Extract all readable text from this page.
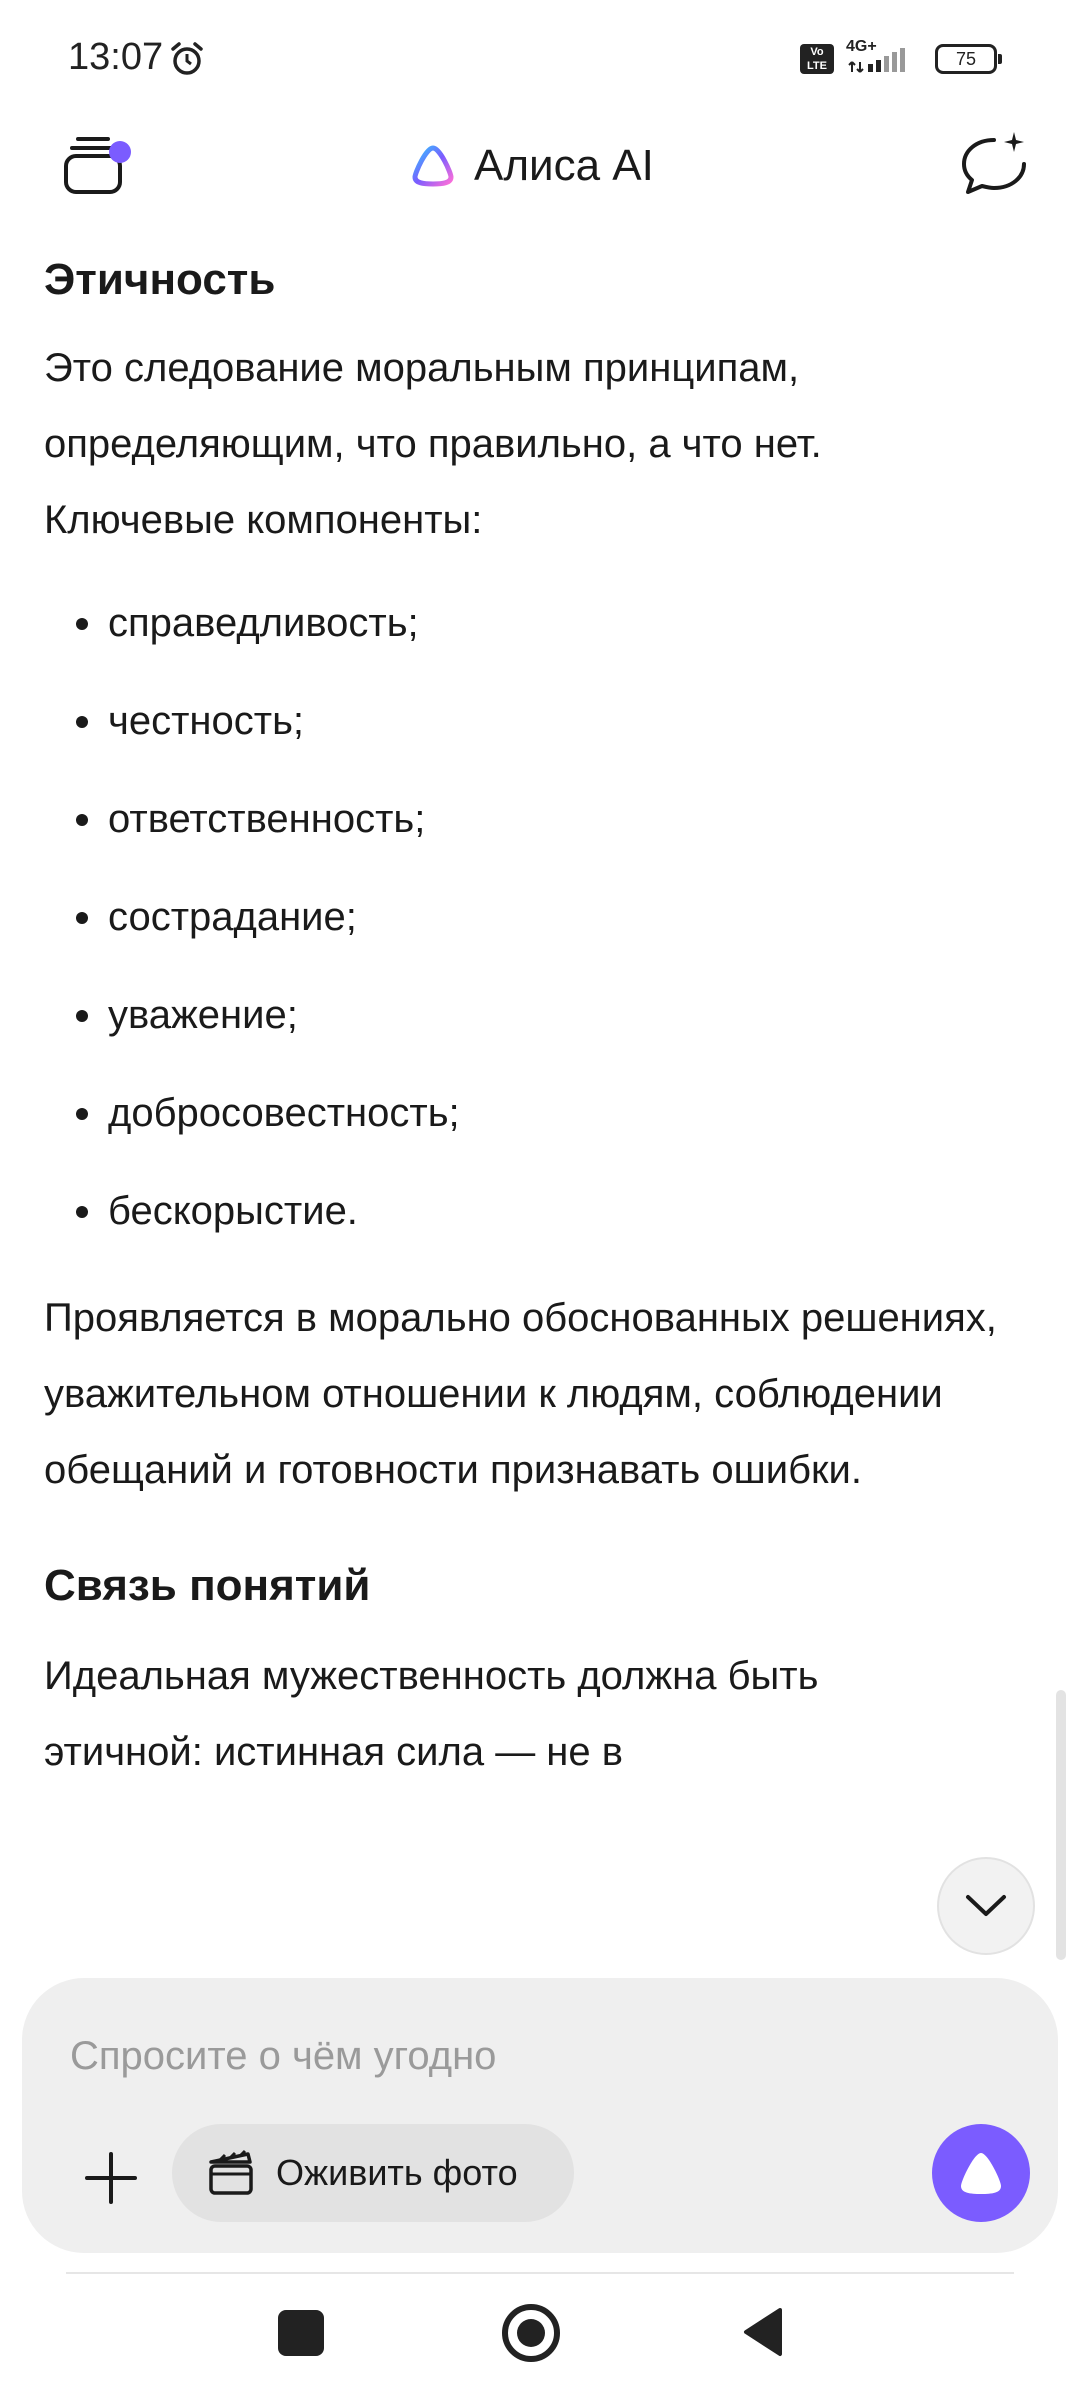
13:07	Vo
LTE
4G+
75
Алиса AI
Этичность

Это следование моральным принципам, определяющим, что правильно, а что нет. Ключевые компоненты:

справедливость;
честность;
ответственность;
сострадание;
уважение;
добросовестность;
бескорыстие.

Проявляется в морально обоснованных решениях, уважительном отношении к людям, соблюдении обещаний и готовности признавать ошибки.

Связь понятий

Идеальная мужественность должна быть этичной: истинная сила — не в

Спросите о чём угодно
Оживить фото
